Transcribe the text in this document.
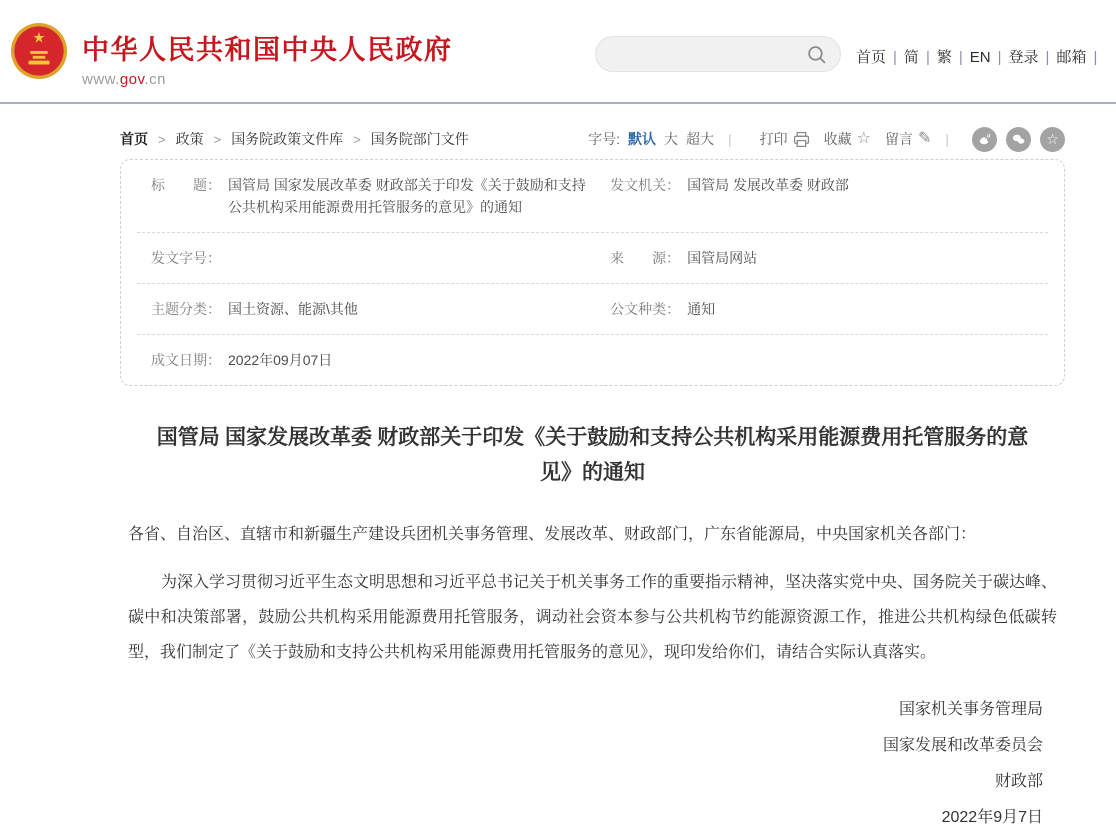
★ 中华人民共和国中央人民政府
www.gov.cn
首页 | 简 | 繁 | EN | 登录 | 邮箱 |
首页 > 政策 > 国务院政策文件库 > 国务院部门文件	字号: 默认 大 超大 | 打印	收藏 ☆ 留言 ✎ |	☆
标　　题： 国管局 国家发展改革委 财政部关于印发《关于鼓励和支持公共机构采用能源费用托管服务的意见》的通知
发文机关： 国管局 发展改革委 财政部
发文字号：	来　　源： 国管局网站
主题分类： 国土资源、能源\其他	公文种类： 通知
成文日期： 2022年09月07日
国管局 国家发展改革委 财政部关于印发《关于鼓励和支持公共机构采用能源费用托管服务的意见》的通知

各省、自治区、直辖市和新疆生产建设兵团机关事务管理、发展改革、财政部门，广东省能源局，中央国家机关各部门：

为深入学习贯彻习近平生态文明思想和习近平总书记关于机关事务工作的重要指示精神，坚决落实党中央、国务院关于碳达峰、碳中和决策部署，鼓励公共机构采用能源费用托管服务，调动社会资本参与公共机构节约能源资源工作，推进公共机构绿色低碳转型，我们制定了《关于鼓励和支持公共机构采用能源费用托管服务的意见》，现印发给你们，请结合实际认真落实。

国家机关事务管理局
国家发展和改革委员会
财政部
2022年9月7日
